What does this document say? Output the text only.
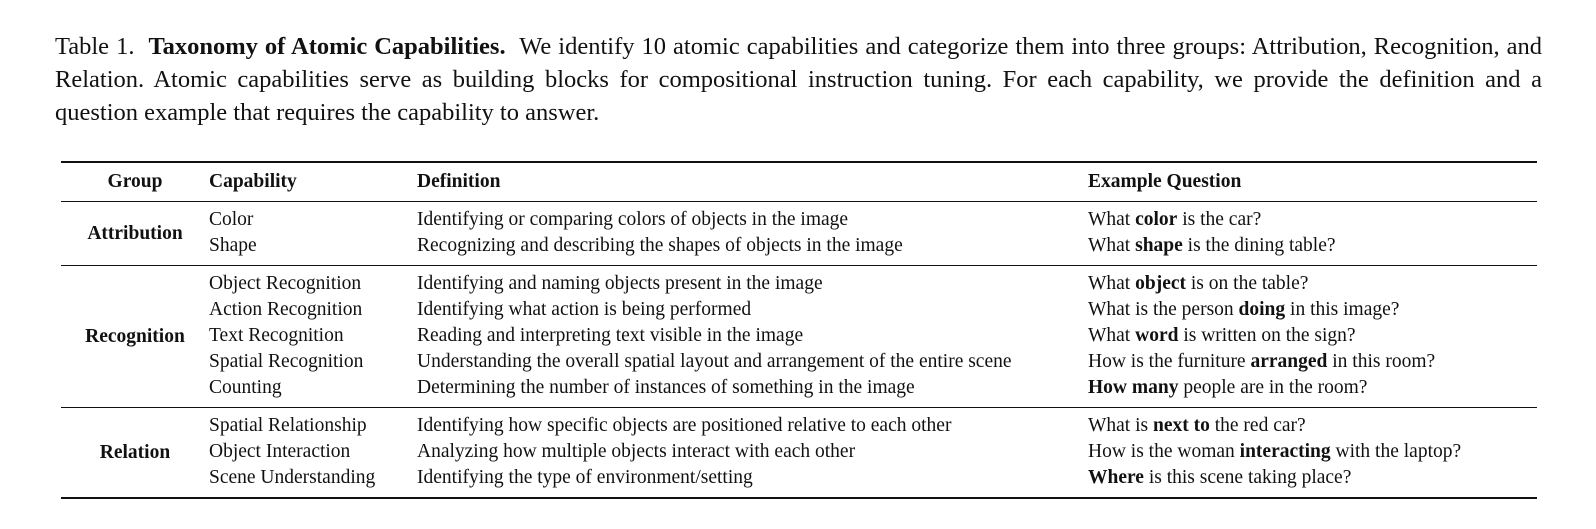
Table 1. Taxonomy of Atomic Capabilities. We identify 10 atomic capabilities and categorize them into three groups: Attribution, Recognition, and Relation. Atomic capabilities serve as building blocks for compositional instruction tuning. For each capability, we provide the definition and a question example that requires the capability to answer.
Group	Capability	Definition	Example Question
Attribution	Color	Identifying or comparing colors of objects in the image	What color is the car?
	Shape	Recognizing and describing the shapes of objects in the image	What shape is the dining table?
Recognition	Object Recognition	Identifying and naming objects present in the image	What object is on the table?
	Action Recognition	Identifying what action is being performed	What is the person doing in this image?
	Text Recognition	Reading and interpreting text visible in the image	What word is written on the sign?
	Spatial Recognition	Understanding the overall spatial layout and arrangement of the entire scene	How is the furniture arranged in this room?
	Counting	Determining the number of instances of something in the image	How many people are in the room?
Relation	Spatial Relationship	Identifying how specific objects are positioned relative to each other	What is next to the red car?
	Object Interaction	Analyzing how multiple objects interact with each other	How is the woman interacting with the laptop?
	Scene Understanding	Identifying the type of environment/setting	Where is this scene taking place?
